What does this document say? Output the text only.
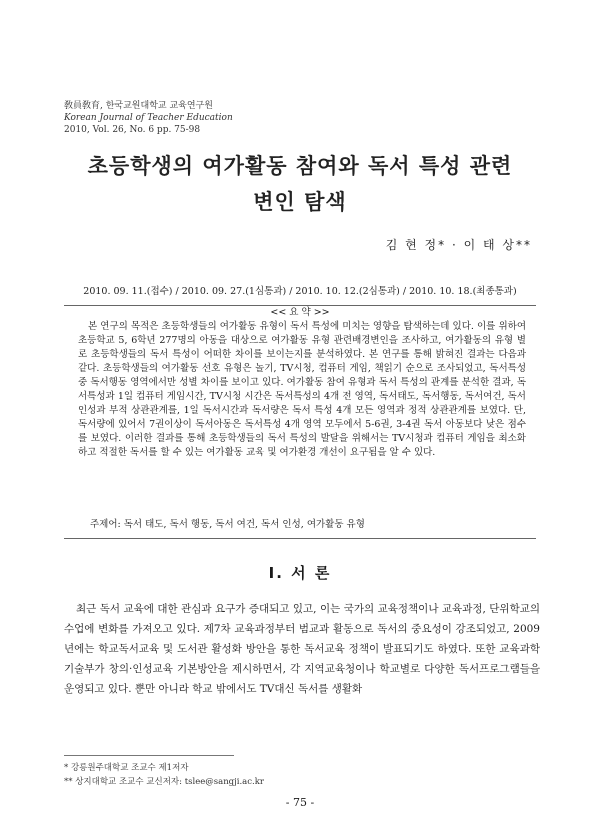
敎員敎育, 한국교원대학교 교육연구원
Korean Journal of Teacher Education
2010, Vol. 26, No. 6 pp. 75-98
초등학생의 여가활동 참여와 독서 특성 관련
변인 탐색
김 현 정* · 이 태 상**
2010. 09. 11.(접수) / 2010. 09. 27.(1심통과) / 2010. 10. 12.(2심통과) / 2010. 10. 18.(최종통과)
<< 요 약 >>

본 연구의 목적은 초등학생들의 여가활동 유형이 독서 특성에 미치는 영향을 탐색하는데 있다. 이를 위하여 초등학교 5, 6학년 277명의 아동을 대상으로 여가활동 유형 관련배경변인을 조사하고, 여가활동의 유형 별로 초등학생들의 독서 특성이 어떠한 차이를 보이는지를 분석하였다. 본 연구를 통해 밝혀진 결과는 다음과 같다. 초등학생들의 여가활동 선호 유형은 놀기, TV시청, 컴퓨터 게임, 책읽기 순으로 조사되었고, 독서특성 중 독서행동 영역에서만 성별 차이를 보이고 있다. 여가활동 참여 유형과 독서 특성의 관계를 분석한 결과, 독서특성과 1일 컴퓨터 게임시간, TV시청 시간은 독서특성의 4개 전 영역, 독서태도, 독서행동, 독서여건, 독서인성과 부적 상관관계를, 1일 독서시간과 독서량은 독서 특성 4개 모든 영역과 정적 상관관계를 보였다. 단, 독서량에 있어서 7권이상이 독서아동은 독서특성 4개 영역 모두에서 5-6권, 3-4권 독서 아동보다 낮은 점수를 보였다. 이러한 결과를 통해 초등학생들의 독서 특성의 발달을 위해서는 TV시청과 컴퓨터 게임을 최소화하고 적절한 독서를 할 수 있는 여가활동 교육 및 여가환경 개선이 요구됨을 알 수 있다.

주제어: 독서 태도, 독서 행동, 독서 여건, 독서 인성, 여가활동 유형
I. 서 론

최근 독서 교육에 대한 관심과 요구가 증대되고 있고, 이는 국가의 교육정책이나 교육과정, 단위학교의 수업에 변화를 가져오고 있다. 제7차 교육과정부터 범교과 활동으로 독서의 중요성이 강조되었고, 2009년에는 학교독서교육 및 도서관 활성화 방안을 통한 독서교육 정책이 발표되기도 하였다. 또한 교육과학기술부가 창의·인성교육 기본방안을 제시하면서, 각 지역교육청이나 학교별로 다양한 독서프로그램들을 운영되고 있다. 뿐만 아니라 학교 밖에서도 TV대신 독서를 생활화

* 강릉원주대학교 조교수 제1저자
** 상지대학교 조교수 교신저자: tslee@sangji.ac.kr
- 75 -
